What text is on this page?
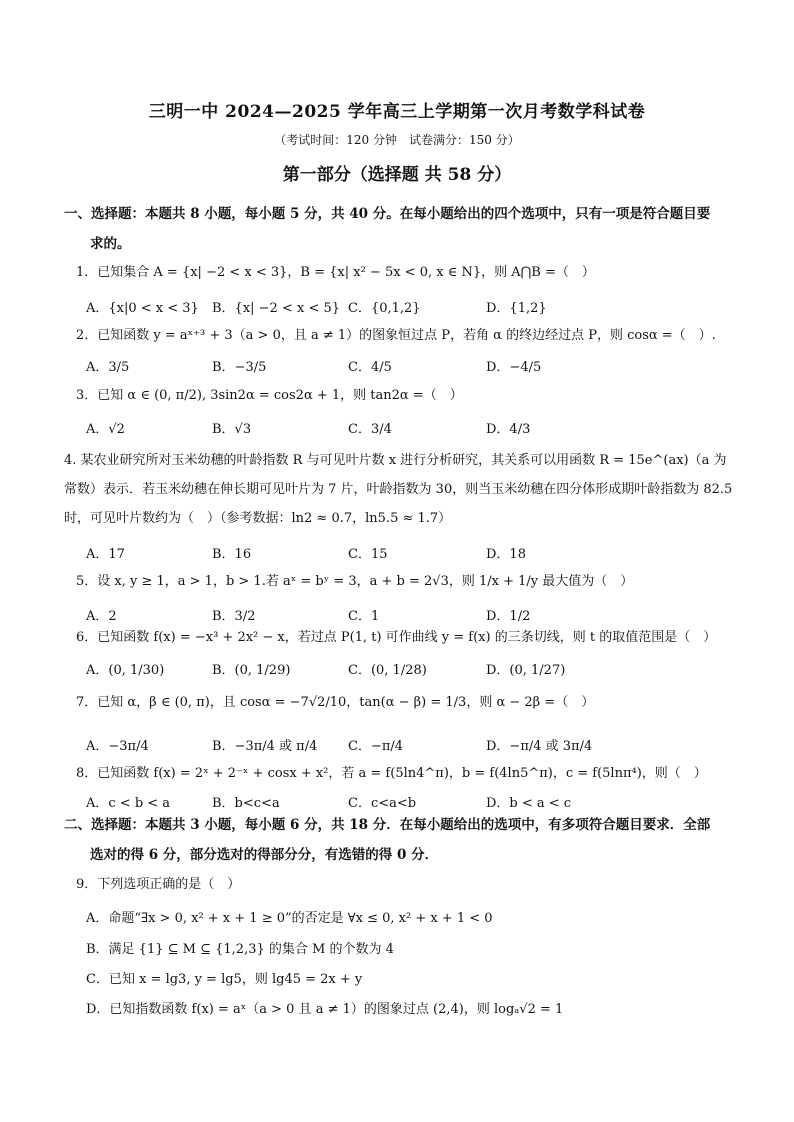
三明一中 2024—2025 学年高三上学期第一次月考数学科试卷
（考试时间：120 分钟　试卷满分：150 分）
第一部分（选择题 共 58 分）
一、选择题：本题共 8 小题，每小题 5 分，共 40 分。在每小题给出的四个选项中，只有一项是符合题目要
求的。
1．已知集合 A = {x| −2 < x < 3}，B = {x| x² − 5x < 0, x ∈ N}，则 A⋂B =（　）
A．{x|0 < x < 3} B．{x| −2 < x < 5} C．{0,1,2}	D．{1,2}
2．已知函数 y = aˣ⁺³ + 3（a > 0，且 a ≠ 1）的图象恒过点 P，若角 α 的终边经过点 P，则 cosα =（　）.
A．3/5	B．−3/5	C．4/5	D．−4/5
3．已知 α ∈ (0, π/2), 3sin2α = cos2α + 1，则 tan2α =（　）
A．√2	B．√3	C．3/4	D．4/3
4. 某农业研究所对玉米幼穗的叶龄指数 R 与可见叶片数 x 进行分析研究，其关系可以用函数 R = 15e^(ax)（a 为常数）表示．若玉米幼穗在伸长期可见叶片为 7 片，叶龄指数为 30，则当玉米幼穗在四分体形成期叶龄指数为 82.5 时，可见叶片数约为（　）（参考数据：ln2 ≈ 0.7，ln5.5 ≈ 1.7）
A．17	B．16	C．15	D．18
5．设 x, y ≥ 1，a > 1，b > 1.若 aˣ = bʸ = 3，a + b = 2√3，则 1/x + 1/y 最大值为（　）
A．2	B．3/2	C．1	D．1/2
6．已知函数 f(x) = −x³ + 2x² − x，若过点 P(1, t) 可作曲线 y = f(x) 的三条切线，则 t 的取值范围是（　）
A．(0, 1/30)	B．(0, 1/29)	C．(0, 1/28)	D．(0, 1/27)
7．已知 α，β ∈ (0, π)，且 cosα = −7√2/10，tan(α − β) = 1/3，则 α − 2β =（　）
A．−3π/4	B．−3π/4 或 π/4 C．−π/4	D．−π/4 或 3π/4
8．已知函数 f(x) = 2ˣ + 2⁻ˣ + cosx + x²，若 a = f(5ln4^π)，b = f(4ln5^π)，c = f(5lnπ⁴)，则（　）
A．c < b < a	B．b<c<a	C．c<a<b	D．b < a < c
二、选择题：本题共 3 小题，每小题 6 分，共 18 分．在每小题给出的选项中，有多项符合题目要求．全部
选对的得 6 分，部分选对的得部分分，有选错的得 0 分．
9．下列选项正确的是（　）
A．命题“∃x > 0, x² + x + 1 ≥ 0”的否定是 ∀x ≤ 0, x² + x + 1 < 0
B．满足 {1} ⊆ M ⊆ {1,2,3} 的集合 M 的个数为 4
C．已知 x = lg3, y = lg5，则 lg45 = 2x + y
D．已知指数函数 f(x) = aˣ（a > 0 且 a ≠ 1）的图象过点 (2,4)，则 logₐ√2 = 1
